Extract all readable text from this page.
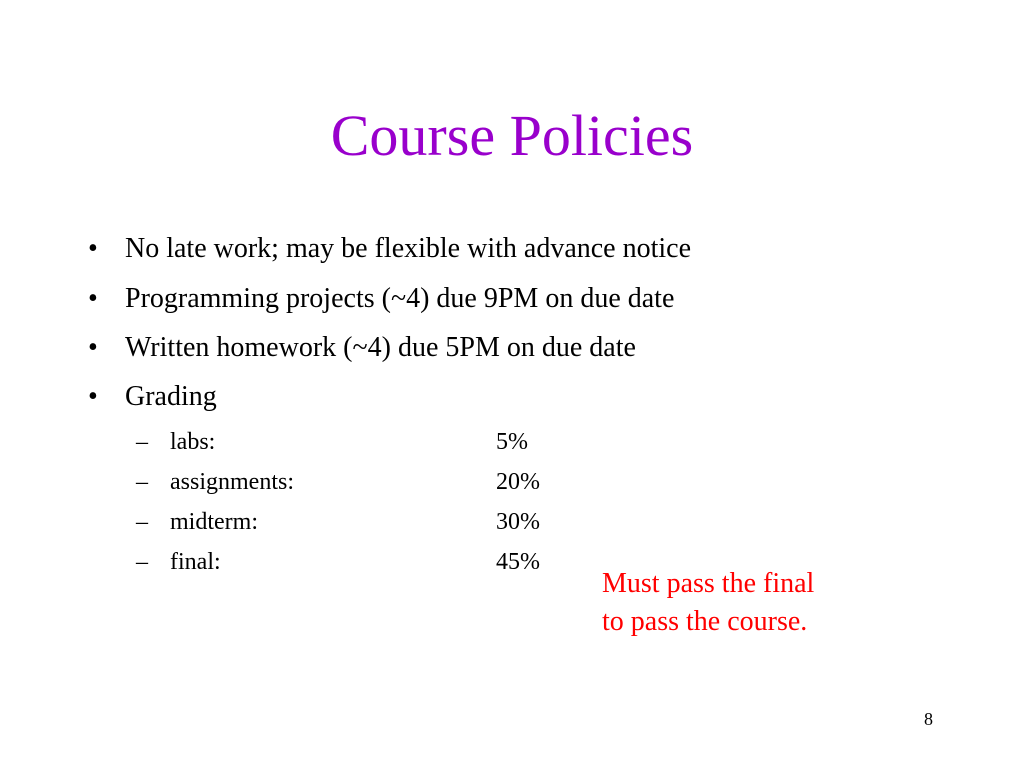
Course Policies
• No late work; may be flexible with advance notice
• Programming projects (~4) due 9PM on due date
• Written homework (~4) due 5PM on due date
• Grading
– labs:	5%
– assignments:	20%
– midterm:	30%
– final:	45%
Must pass the final
to pass the course.
8
